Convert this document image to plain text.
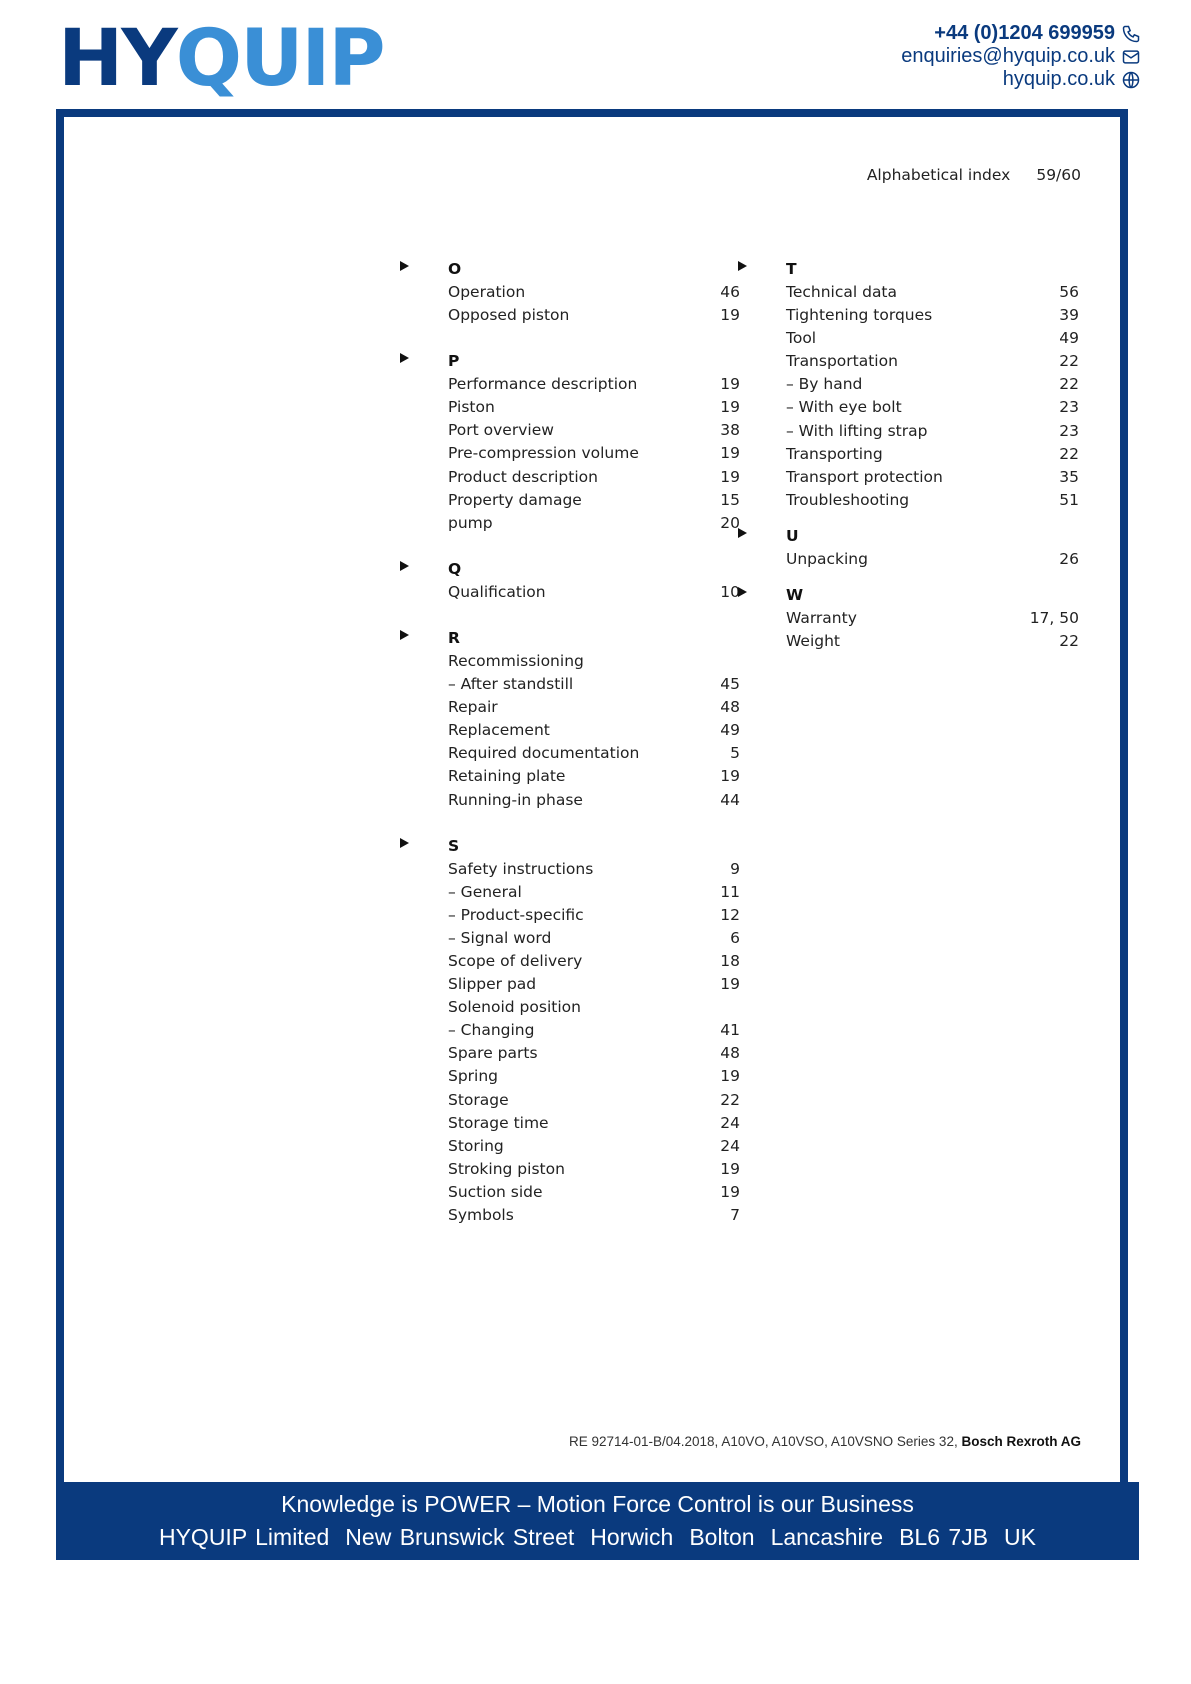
HYQUIP	+44 (0)1204 699959
enquiries@hyquip.co.uk
hyquip.co.uk
Alphabetical index 59/60
O
Operation	46
Opposed piston	19
P
Performance description	19
Piston	19
Port overview	38
Pre-compression volume	19
Product description	19
Property damage	15
pump	20
Q
Qualification	10
R
Recommissioning
– After standstill	45
Repair	48
Replacement	49
Required documentation	5
Retaining plate	19
Running-in phase	44
S
Safety instructions	9
– General	11
– Product-specific	12
– Signal word	6
Scope of delivery	18
Slipper pad	19
Solenoid position
– Changing	41
Spare parts	48
Spring	19
Storage	22
Storage time	24
Storing	24
Stroking piston	19
Suction side	19
Symbols	7
T
Technical data	56
Tightening torques	39
Tool	49
Transportation	22
– By hand	22
– With eye bolt	23
– With lifting strap	23
Transporting	22
Transport protection	35
Troubleshooting	51
U
Unpacking	26
W
Warranty	17, 50
Weight	22
RE 92714-01-B/04.2018, A10VO, A10VSO, A10VSNO Series 32, Bosch Rexroth AG
Knowledge is POWER – Motion Force Control is our Business
HYQUIP Limited New Brunswick Street Horwich Bolton Lancashire BL6 7JB UK
